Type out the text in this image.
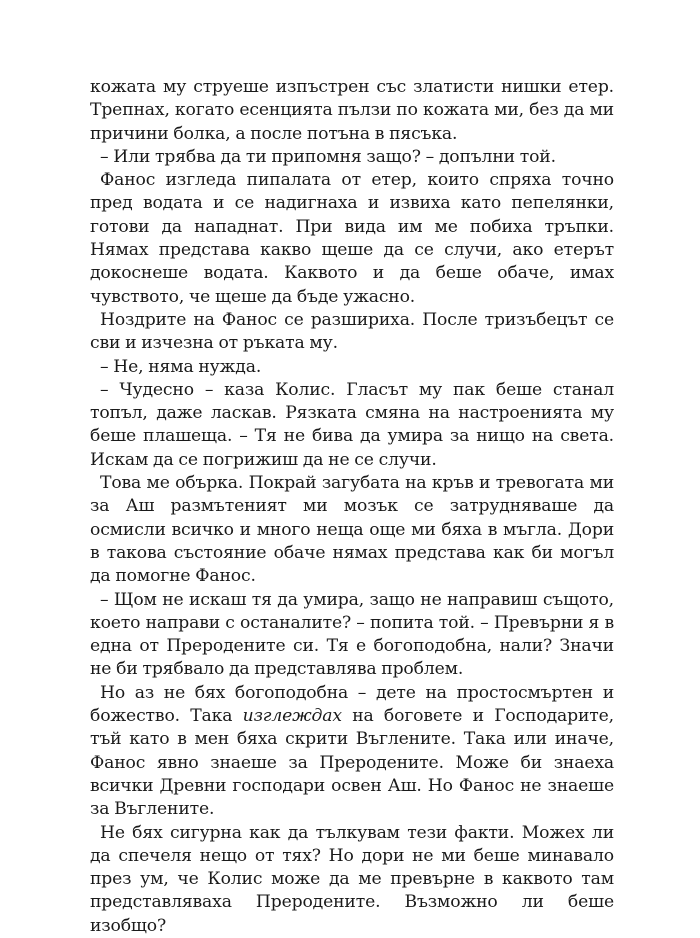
кожата му струеше изпъстрен със златисти нишки етер. Трепнах, когато есенцията пълзи по кожата ми, без да ми причини болка, а после потъна в пясъка.

– Или трябва да ти припомня защо? – допълни той.

Фанос изгледа пипалата от етер, които спряха точно пред водата и се надигнаха и извиха като пепелянки, готови да нападнат. При вида им ме побиха тръпки. Нямах представа какво щеше да се случи, ако етерът докоснеше водата. Каквото и да беше обаче, имах чувството, че щеше да бъде ужасно.

Ноздрите на Фанос се разшириха. После тризъбецът се сви и изчезна от ръката му.

– Не, няма нужда.

– Чудесно – каза Колис. Гласът му пак беше станал топъл, даже ласкав. Рязката смяна на настроенията му беше плашеща. – Тя не бива да умира за нищо на света. Искам да се погрижиш да не се случи.

Това ме обърка. Покрай загубата на кръв и тревогата ми за Аш размътеният ми мозък се затрудняваше да осмисли всичко и много неща още ми бяха в мъгла. Дори в такова състояние обаче нямах представа как би могъл да помогне Фанос.

– Щом не искаш тя да умира, защо не направиш същото, което направи с останалите? – попита той. – Превърни я в една от Преродените си. Тя е богоподобна, нали? Значи не би трябвало да представлява проблем.

Но аз не бях богоподобна – дете на простосмъртен и божество. Така изглеждах на боговете и Господарите, тъй като в мен бяха скрити Въглените. Така или иначе, Фанос явно знаеше за Преродените. Може би знаеха всички Древни господари освен Аш. Но Фанос не знаеше за Въглените.

Не бях сигурна как да тълкувам тези факти. Можех ли да спечеля нещо от тях? Но дори не ми беше минавало през ум, че Колис може да ме превърне в каквото там представляваха Преродените. Възможно ли беше изобщо?
